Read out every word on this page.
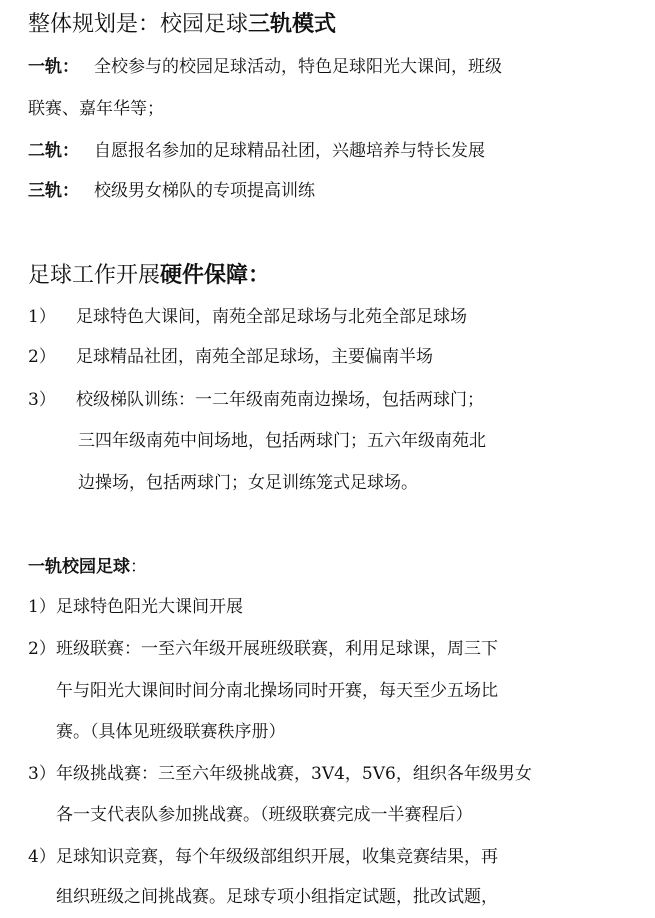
整体规划是：校园足球三轨模式
一轨： 全校参与的校园足球活动，特色足球阳光大课间，班级
联赛、嘉年华等；
二轨： 自愿报名参加的足球精品社团，兴趣培养与特长发展
三轨： 校级男女梯队的专项提高训练
足球工作开展硬件保障：
1） 足球特色大课间，南苑全部足球场与北苑全部足球场
2） 足球精品社团，南苑全部足球场，主要偏南半场
3） 校级梯队训练：一二年级南苑南边操场，包括两球门；
三四年级南苑中间场地，包括两球门；五六年级南苑北
边操场，包括两球门；女足训练笼式足球场。
一轨校园足球：
1）足球特色阳光大课间开展
2）班级联赛：一至六年级开展班级联赛，利用足球课，周三下
午与阳光大课间时间分南北操场同时开赛，每天至少五场比
赛。（具体见班级联赛秩序册）
3）年级挑战赛：三至六年级挑战赛，3V4，5V6，组织各年级男女
各一支代表队参加挑战赛。（班级联赛完成一半赛程后）
4）足球知识竞赛，每个年级级部组织开展，收集竞赛结果，再
组织班级之间挑战赛。足球专项小组指定试题，批改试题，
